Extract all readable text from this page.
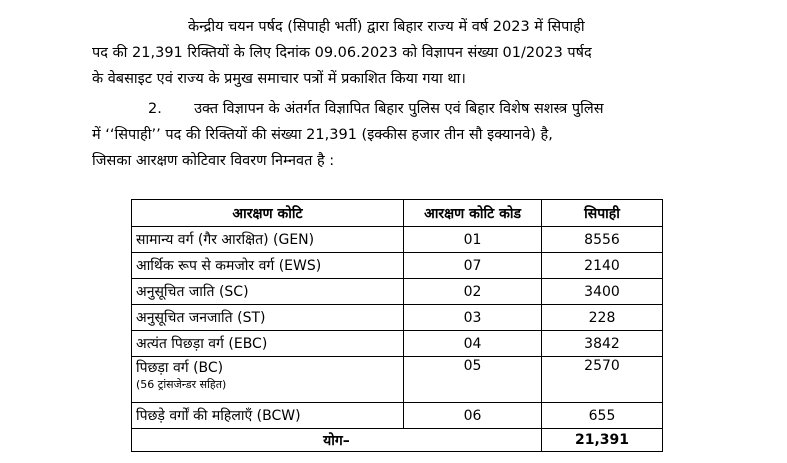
केन्द्रीय चयन पर्षद (सिपाही भर्ती) द्वारा बिहार राज्य में वर्ष 2023 में सिपाही
पद की 21,391 रिक्तियों के लिए दिनांक 09.06.2023 को विज्ञापन संख्या 01/2023 पर्षद
के वेबसाइट एवं राज्य के प्रमुख समाचार पत्रों में प्रकाशित किया गया था।
2. उक्त विज्ञापन के अंतर्गत विज्ञापित बिहार पुलिस एवं बिहार विशेष सशस्त्र पुलिस
में ‘‘सिपाही’’ पद की रिक्तियों की संख्या 21,391 (इक्कीस हजार तीन सौ इक्यानवे) है,
जिसका आरक्षण कोटिवार विवरण निम्नवत है :
आरक्षण कोटि	आरक्षण कोटि कोड	सिपाही
सामान्य वर्ग (गैर आरक्षित) (GEN)	01	8556
आर्थिक रूप से कमजोर वर्ग (EWS)	07	2140
अनुसूचित जाति (SC)	02	3400
अनुसूचित जनजाति (ST)	03	228
अत्यंत पिछड़ा वर्ग (EBC)	04	3842
पिछड़ा वर्ग (BC)
(56 ट्रांसजेन्डर सहित)	05	2570
पिछड़े वर्गों की महिलाएँ (BCW)	06	655
योग–		21,391
